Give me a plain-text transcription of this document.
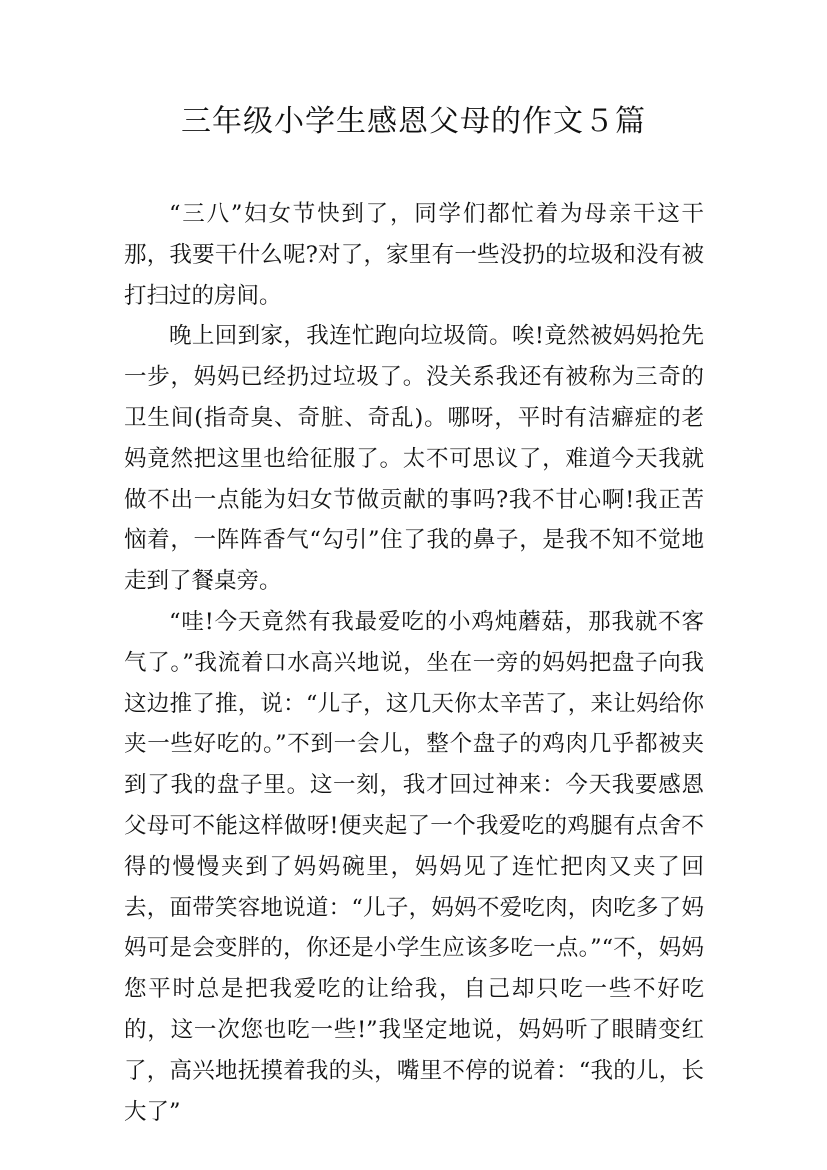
三年级小学生感恩父母的作文５篇

“三八”妇女节快到了，同学们都忙着为母亲干这干那，我要干什么呢?对了，家里有一些没扔的垃圾和没有被打扫过的房间。

晚上回到家，我连忙跑向垃圾筒。唉!竟然被妈妈抢先一步，妈妈已经扔过垃圾了。没关系我还有被称为三奇的卫生间(指奇臭、奇脏、奇乱)。哪呀，平时有洁癖症的老妈竟然把这里也给征服了。太不可思议了，难道今天我就做不出一点能为妇女节做贡献的事吗?我不甘心啊!我正苦恼着，一阵阵香气“勾引”住了我的鼻子，是我不知不觉地走到了餐桌旁。

“哇!今天竟然有我最爱吃的小鸡炖蘑菇，那我就不客气了。”我流着口水高兴地说，坐在一旁的妈妈把盘子向我这边推了推，说：“儿子，这几天你太辛苦了，来让妈给你夹一些好吃的。”不到一会儿，整个盘子的鸡肉几乎都被夹到了我的盘子里。这一刻，我才回过神来：今天我要感恩父母可不能这样做呀!便夹起了一个我爱吃的鸡腿有点舍不得的慢慢夹到了妈妈碗里，妈妈见了连忙把肉又夹了回去，面带笑容地说道：“儿子，妈妈不爱吃肉，肉吃多了妈妈可是会变胖的，你还是小学生应该多吃一点。”“不，妈妈您平时总是把我爱吃的让给我，自己却只吃一些不好吃的，这一次您也吃一些!”我坚定地说，妈妈听了眼睛变红了，高兴地抚摸着我的头，嘴里不停的说着：“我的儿，长大了”
